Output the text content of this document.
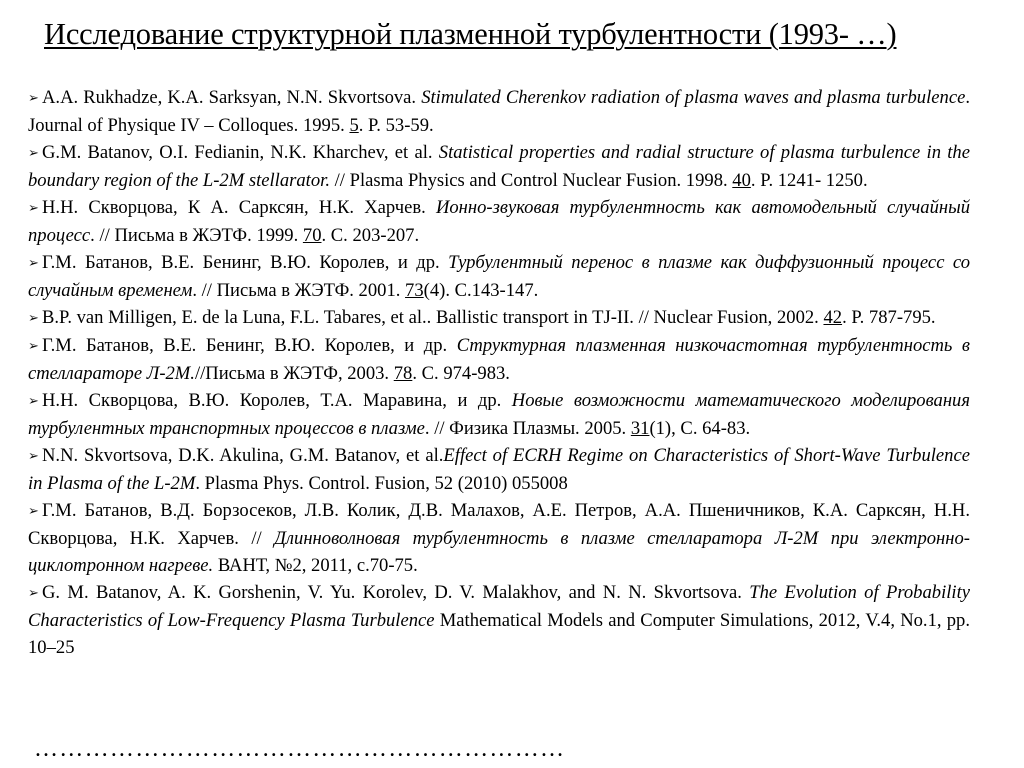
Исследование структурной плазменной турбулентности (1993- …)
➢ A.A. Rukhadze, K.A. Sarksyan, N.N. Skvortsova. Stimulated Cherenkov radiation of plasma waves and plasma turbulence. Journal of Physique IV – Colloques. 1995. 5. P. 53-59.
➢ G.M. Batanov, O.I. Fedianin, N.K. Kharchev, et al. Statistical properties and radial structure of plasma turbulence in the boundary region of the L-2M stellarator. // Plasma Physics and Control Nuclear Fusion. 1998. 40. P. 1241- 1250.
➢ Н.Н. Скворцова, К А. Сарксян, Н.К. Харчев. Ионно-звуковая турбулентность как автомодельный случайный процесс. // Письма в ЖЭТФ. 1999. 70. С. 203-207.
➢ Г.М. Батанов, В.Е. Бенинг, В.Ю. Королев, и др. Турбулентный перенос в плазме как диффузионный процесс со случайным временем. // Письма в ЖЭТФ. 2001. 73(4). С.143-147.
➢ B.P. van Milligen, E. de la Luna, F.L. Tabares, et al.. Ballistic transport in TJ-II. // Nuclear Fusion, 2002. 42. P. 787-795.
➢ Г.М. Батанов, В.Е. Бенинг, В.Ю. Королев, и др. Структурная плазменная низкочастотная турбулентность в стеллараторе Л-2М.//Письма в ЖЭТФ, 2003. 78. С. 974-983.
➢ Н.Н. Скворцова, В.Ю. Королев, Т.А. Маравина, и др. Новые возможности математического моделирования турбулентных транспортных процессов в плазме. // Физика Плазмы. 2005. 31(1), С. 64-83.
➢ N.N. Skvortsova, D.K. Akulina, G.M. Batanov, et al.Effect of ECRH Regime on Characteristics of Short-Wave Turbulence in Plasma of the L-2M. Plasma Phys. Control. Fusion, 52 (2010) 055008
➢ Г.М. Батанов, В.Д. Борзосеков, Л.В. Колик, Д.В. Малахов, А.Е. Петров, А.А. Пшеничников, К.А. Сарксян, Н.Н. Скворцова, Н.К. Харчев. // Длинноволновая турбулентность в плазме стелларатора Л-2М при электронно-циклотронном нагреве. ВАНТ, №2, 2011, с.70-75.
➢ G. M. Batanov, A. K. Gorshenin, V. Yu. Korolev, D. V. Malakhov, and N. N. Skvortsova. The Evolution of Probability Characteristics of Low-Frequency Plasma Turbulence Mathematical Models and Computer Simulations, 2012, V.4, No.1, pp. 10–25
………………………………………………………
